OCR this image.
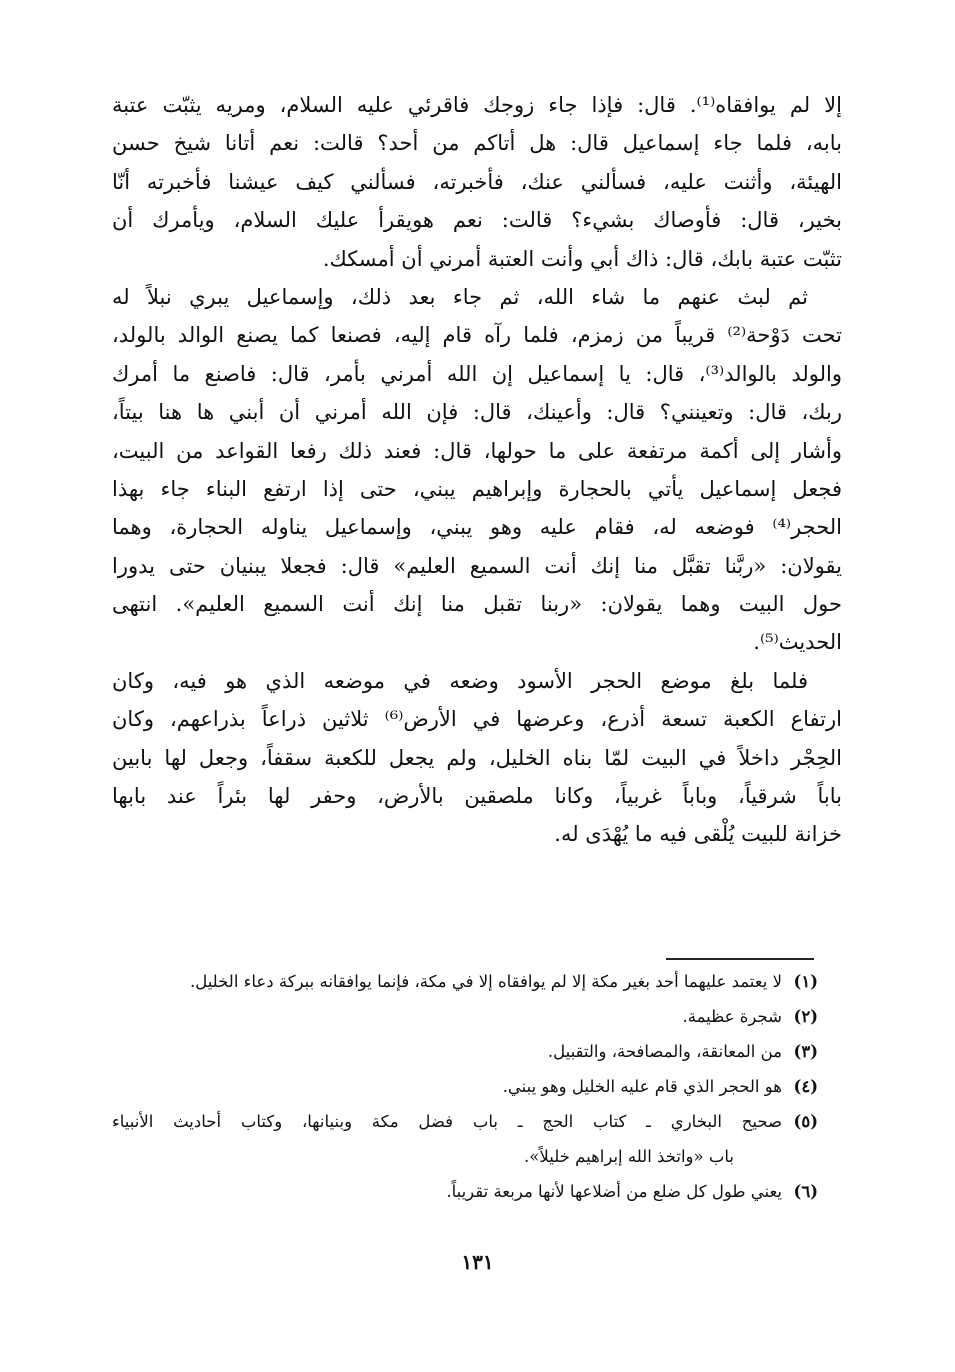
إلا لم يوافقاه⁽¹⁾. قال: فإذا جاء زوجك فاقرئي عليه السلام، ومريه يثبّت عتبة
بابه، فلما جاء إسماعيل قال: هل أتاكم من أحد؟ قالت: نعم أتانا شيخ حسن
الهيئة، وأثنت عليه، فسألني عنك، فأخبرته، فسألني كيف عيشنا فأخبرته أنّا
بخير، قال: فأوصاك بشيء؟ قالت: نعم هويقرأ عليك السلام، ويأمرك أن
تثبّت عتبة بابك، قال: ذاك أبي وأنت العتبة أمرني أن أمسكك.
ثم لبث عنهم ما شاء الله، ثم جاء بعد ذلك، وإسماعيل يبري نبلاً له
تحت دَوْحة⁽²⁾ قريباً من زمزم، فلما رآه قام إليه، فصنعا كما يصنع الوالد بالولد،
والولد بالوالد⁽³⁾، قال: يا إسماعيل إن الله أمرني بأمر، قال: فاصنع ما أمرك
ربك، قال: وتعينني؟ قال: وأعينك، قال: فإن الله أمرني أن أبني ها هنا بيتاً،
وأشار إلى أكمة مرتفعة على ما حولها، قال: فعند ذلك رفعا القواعد من البيت،
فجعل إسماعيل يأتي بالحجارة وإبراهيم يبني، حتى إذا ارتفع البناء جاء بهذا
الحجر⁽⁴⁾ فوضعه له، فقام عليه وهو يبني، وإسماعيل يناوله الحجارة، وهما
يقولان: «ربَّنا تقبَّل منا إنك أنت السميع العليم» قال: فجعلا يبنيان حتى يدورا
حول البيت وهما يقولان: «ربنا تقبل منا إنك أنت السميع العليم». انتهى
الحديث⁽⁵⁾.
فلما بلغ موضع الحجر الأسود وضعه في موضعه الذي هو فيه، وكان
ارتفاع الكعبة تسعة أذرع، وعرضها في الأرض⁽⁶⁾ ثلاثين ذراعاً بذراعهم، وكان
الحِجْر داخلاً في البيت لمّا بناه الخليل، ولم يجعل للكعبة سقفاً، وجعل لها بابين
باباً شرقياً، وباباً غربياً، وكانا ملصقين بالأرض، وحفر لها بئراً عند بابها
خزانة للبيت يُلْقى فيه ما يُهْدَى له.
(١)
لا يعتمد عليهما أحد بغير مكة إلا لم يوافقاه إلا في مكة، فإنما يوافقانه ببركة دعاء الخليل.
(٢)
شجرة عظيمة.
(٣)
من المعانقة، والمصافحة، والتقبيل.
(٤)
هو الحجر الذي قام عليه الخليل وهو يبني.
(٥)
صحيح البخاري ـ كتاب الحج ـ باب فضل مكة وبنيانها، وكتاب أحاديث الأنبياء
باب «واتخذ الله إبراهيم خليلاً».
(٦)
يعني طول كل ضلع من أضلاعها لأنها مربعة تقريباً.
١٣١
